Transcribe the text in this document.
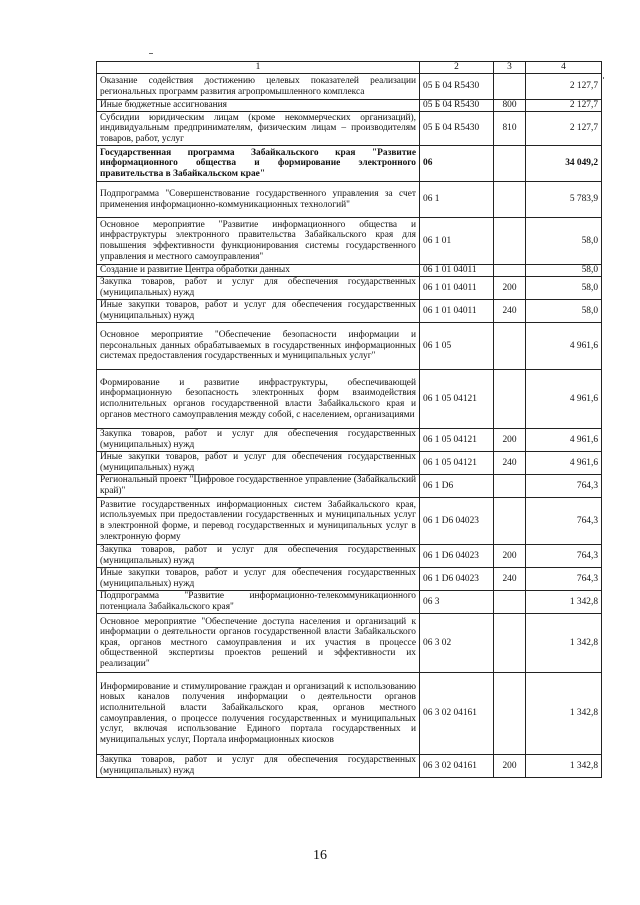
1	2	3	4
Оказание содействия достижению целевых показателей реализации региональных программ развития агропромышленного комплекса	05 Б 04 R5430		2 127,7
Иные бюджетные ассигнования	05 Б 04 R5430	800	2 127,7
Субсидии юридическим лицам (кроме некоммерческих организаций), индивидуальным предпринимателям, физическим лицам – производителям товаров, работ, услуг	05 Б 04 R5430	810	2 127,7
Государственная программа Забайкальского края "Развитие информационного общества и формирование электронного правительства в Забайкальском крае"	06		34 049,2
Подпрограмма "Совершенствование государственного управления за счет применения информационно-коммуникационных технологий"	06 1		5 783,9
Основное мероприятие "Развитие информационного общества и инфраструктуры электронного правительства Забайкальского края для повышения эффективности функционирования системы государственного управления и местного самоуправления"	06 1 01		58,0
Создание и развитие Центра обработки данных	06 1 01 04011		58,0
Закупка товаров, работ и услуг для обеспечения государственных (муниципальных) нужд	06 1 01 04011	200	58,0
Иные закупки товаров, работ и услуг для обеспечения государственных (муниципальных) нужд	06 1 01 04011	240	58,0
Основное мероприятие "Обеспечение безопасности информации и персональных данных обрабатываемых в государственных информационных системах предоставления государственных и муниципальных услуг"	06 1 05		4 961,6
Формирование и развитие инфраструктуры, обеспечивающей информационную безопасность электронных форм взаимодействия исполнительных органов государственной власти Забайкальского края и органов местного самоуправления между собой, с населением, организациями	06 1 05 04121		4 961,6
Закупка товаров, работ и услуг для обеспечения государственных (муниципальных) нужд	06 1 05 04121	200	4 961,6
Иные закупки товаров, работ и услуг для обеспечения государственных (муниципальных) нужд	06 1 05 04121	240	4 961,6
Региональный проект "Цифровое государственное управление (Забайкальский край)"	06 1 D6		764,3
Развитие государственных информационных систем Забайкальского края, используемых при предоставлении государственных и муниципальных услуг в электронной форме, и перевод государственных и муниципальных услуг в электронную форму	06 1 D6 04023		764,3
Закупка товаров, работ и услуг для обеспечения государственных (муниципальных) нужд	06 1 D6 04023	200	764,3
Иные закупки товаров, работ и услуг для обеспечения государственных (муниципальных) нужд	06 1 D6 04023	240	764,3
Подпрограмма "Развитие информационно-телекоммуникационного потенциала Забайкальского края"	06 3		1 342,8
Основное мероприятие "Обеспечение доступа населения и организаций к информации о деятельности органов государственной власти Забайкальского края, органов местного самоуправления и их участия в процессе общественной экспертизы проектов решений и эффективности их реализации"	06 3 02		1 342,8
Информирование и стимулирование граждан и организаций к использованию новых каналов получения информации о деятельности органов исполнительной власти Забайкальского края, органов местного самоуправления, о процессе получения государственных и муниципальных услуг, включая использование Единого портала государственных и муниципальных услуг, Портала информационных киосков	06 3 02 04161		1 342,8
Закупка товаров, работ и услуг для обеспечения государственных (муниципальных) нужд	06 3 02 04161	200	1 342,8
16
